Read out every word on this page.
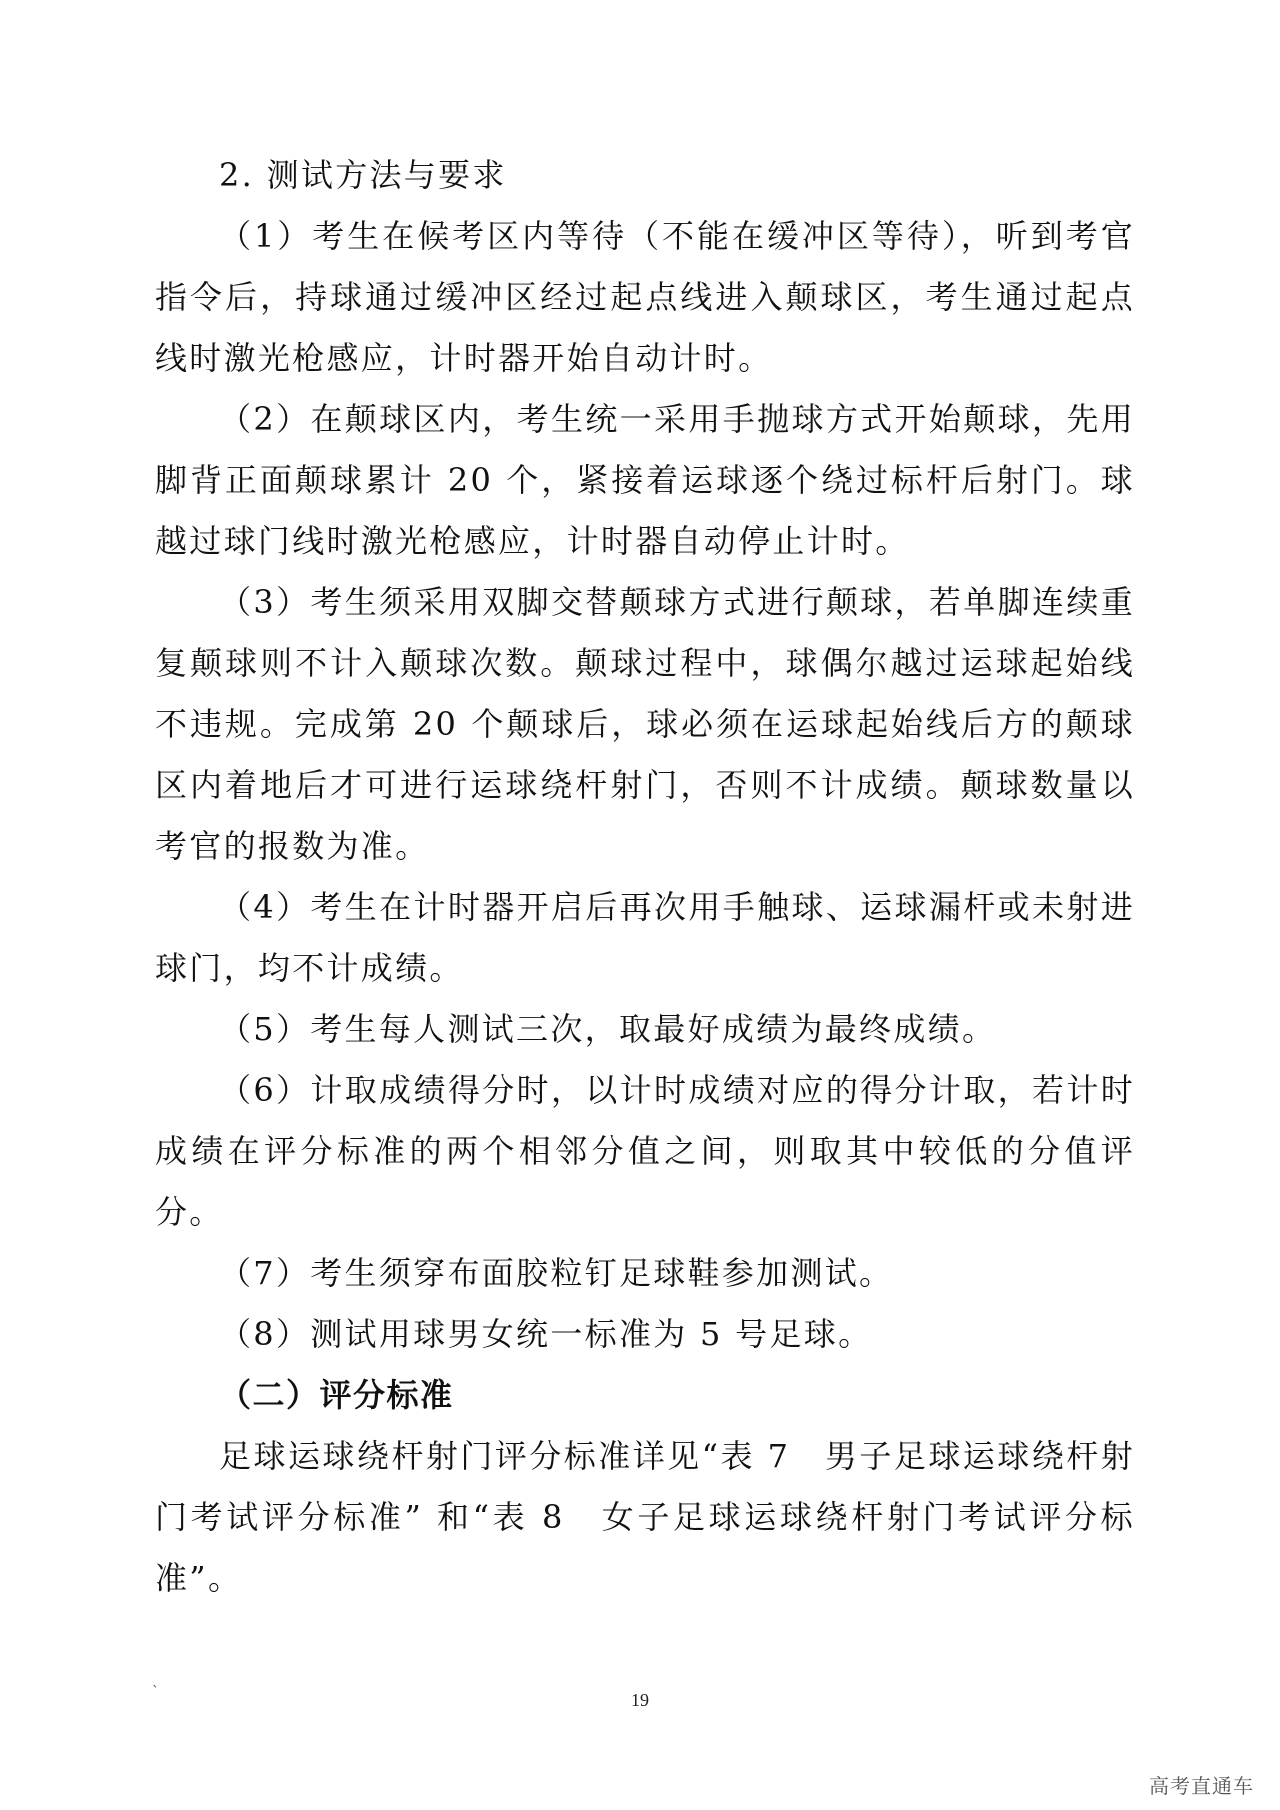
2. 测试方法与要求

（1）考生在候考区内等待（不能在缓冲区等待），听到考官指令后，持球通过缓冲区经过起点线进入颠球区，考生通过起点线时激光枪感应，计时器开始自动计时。

（2）在颠球区内，考生统一采用手抛球方式开始颠球，先用脚背正面颠球累计 20 个，紧接着运球逐个绕过标杆后射门。球越过球门线时激光枪感应，计时器自动停止计时。

（3）考生须采用双脚交替颠球方式进行颠球，若单脚连续重复颠球则不计入颠球次数。颠球过程中，球偶尔越过运球起始线不违规。完成第 20 个颠球后，球必须在运球起始线后方的颠球区内着地后才可进行运球绕杆射门，否则不计成绩。颠球数量以考官的报数为准。

（4）考生在计时器开启后再次用手触球、运球漏杆或未射进球门，均不计成绩。

（5）考生每人测试三次，取最好成绩为最终成绩。

（6）计取成绩得分时，以计时成绩对应的得分计取，若计时成绩在评分标准的两个相邻分值之间，则取其中较低的分值评分。

（7）考生须穿布面胶粒钉足球鞋参加测试。

（8）测试用球男女统一标准为 5 号足球。

（二）评分标准

足球运球绕杆射门评分标准详见“表 7　男子足球运球绕杆射门考试评分标准” 和“表 8　女子足球运球绕杆射门考试评分标准”。

`	19
高考直通车
